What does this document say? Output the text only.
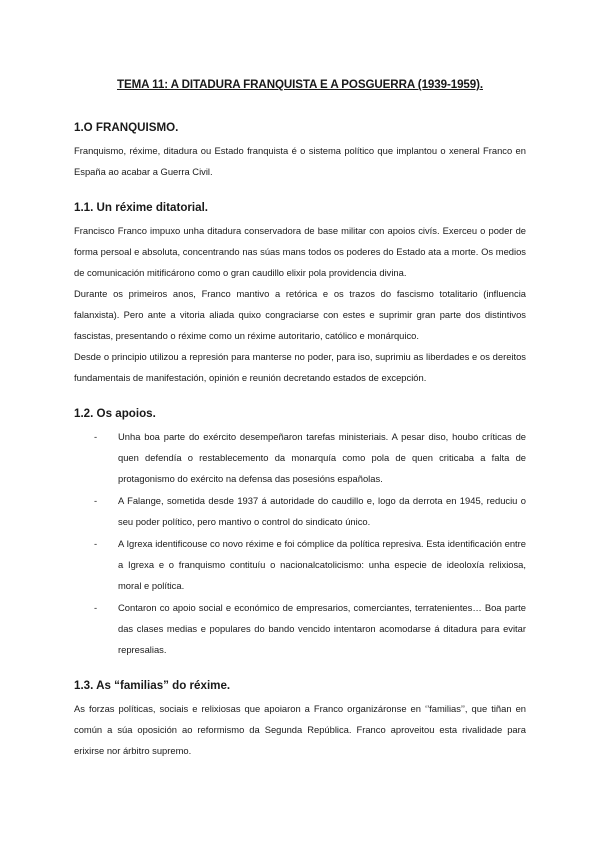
TEMA 11: A DITADURA FRANQUISTA E A POSGUERRA (1939-1959).
1.O FRANQUISMO.

Franquismo, réxime, ditadura ou Estado franquista é o sistema político que implantou o xeneral Franco en España ao acabar a Guerra Civil.

1.1. Un réxime ditatorial.

Francisco Franco impuxo unha ditadura conservadora de base militar con apoios civís. Exerceu o poder de forma persoal e absoluta, concentrando nas súas mans todos os poderes do Estado ata a morte. Os medios de comunicación mitificárono como o gran caudillo elixir pola providencia divina.

Durante os primeiros anos, Franco mantivo a retórica e os trazos do fascismo totalitario (influencia falanxista). Pero ante a vitoria aliada quixo congraciarse con estes e suprimir gran parte dos distintivos fascistas, presentando o réxime como un réxime autoritario, católico e monárquico.

Desde o principio utilizou a represión para manterse no poder, para iso, suprimiu as liberdades e os dereitos fundamentais de manifestación, opinión e reunión decretando estados de excepción.

1.2. Os apoios.
- Unha boa parte do exército desempeñaron tarefas ministeriais. A pesar diso, houbo críticas de quen defendía o restablecemento da monarquía como pola de quen criticaba a falta de protagonismo do exército na defensa das posesións españolas.
- A Falange, sometida desde 1937 á autoridade do caudillo e, logo da derrota en 1945, reduciu o seu poder político, pero mantivo o control do sindicato único.
- A Igrexa identificouse co novo réxime e foi cómplice da política represiva. Esta identificación entre a Igrexa e o franquismo contituíu o nacionalcatolicismo: unha especie de ideoloxía relixiosa, moral e política.
- Contaron co apoio social e económico de empresarios, comerciantes, terratenientes… Boa parte das clases medias e populares do bando vencido intentaron acomodarse á ditadura para evitar represalias.
1.3. As “familias” do réxime.

As forzas políticas, sociais e relixiosas que apoiaron a Franco organizáronse en ‘’familias’’, que tiñan en común a súa oposición ao reformismo da Segunda República. Franco aproveitou esta rivalidade para erixirse nor árbitro supremo.
